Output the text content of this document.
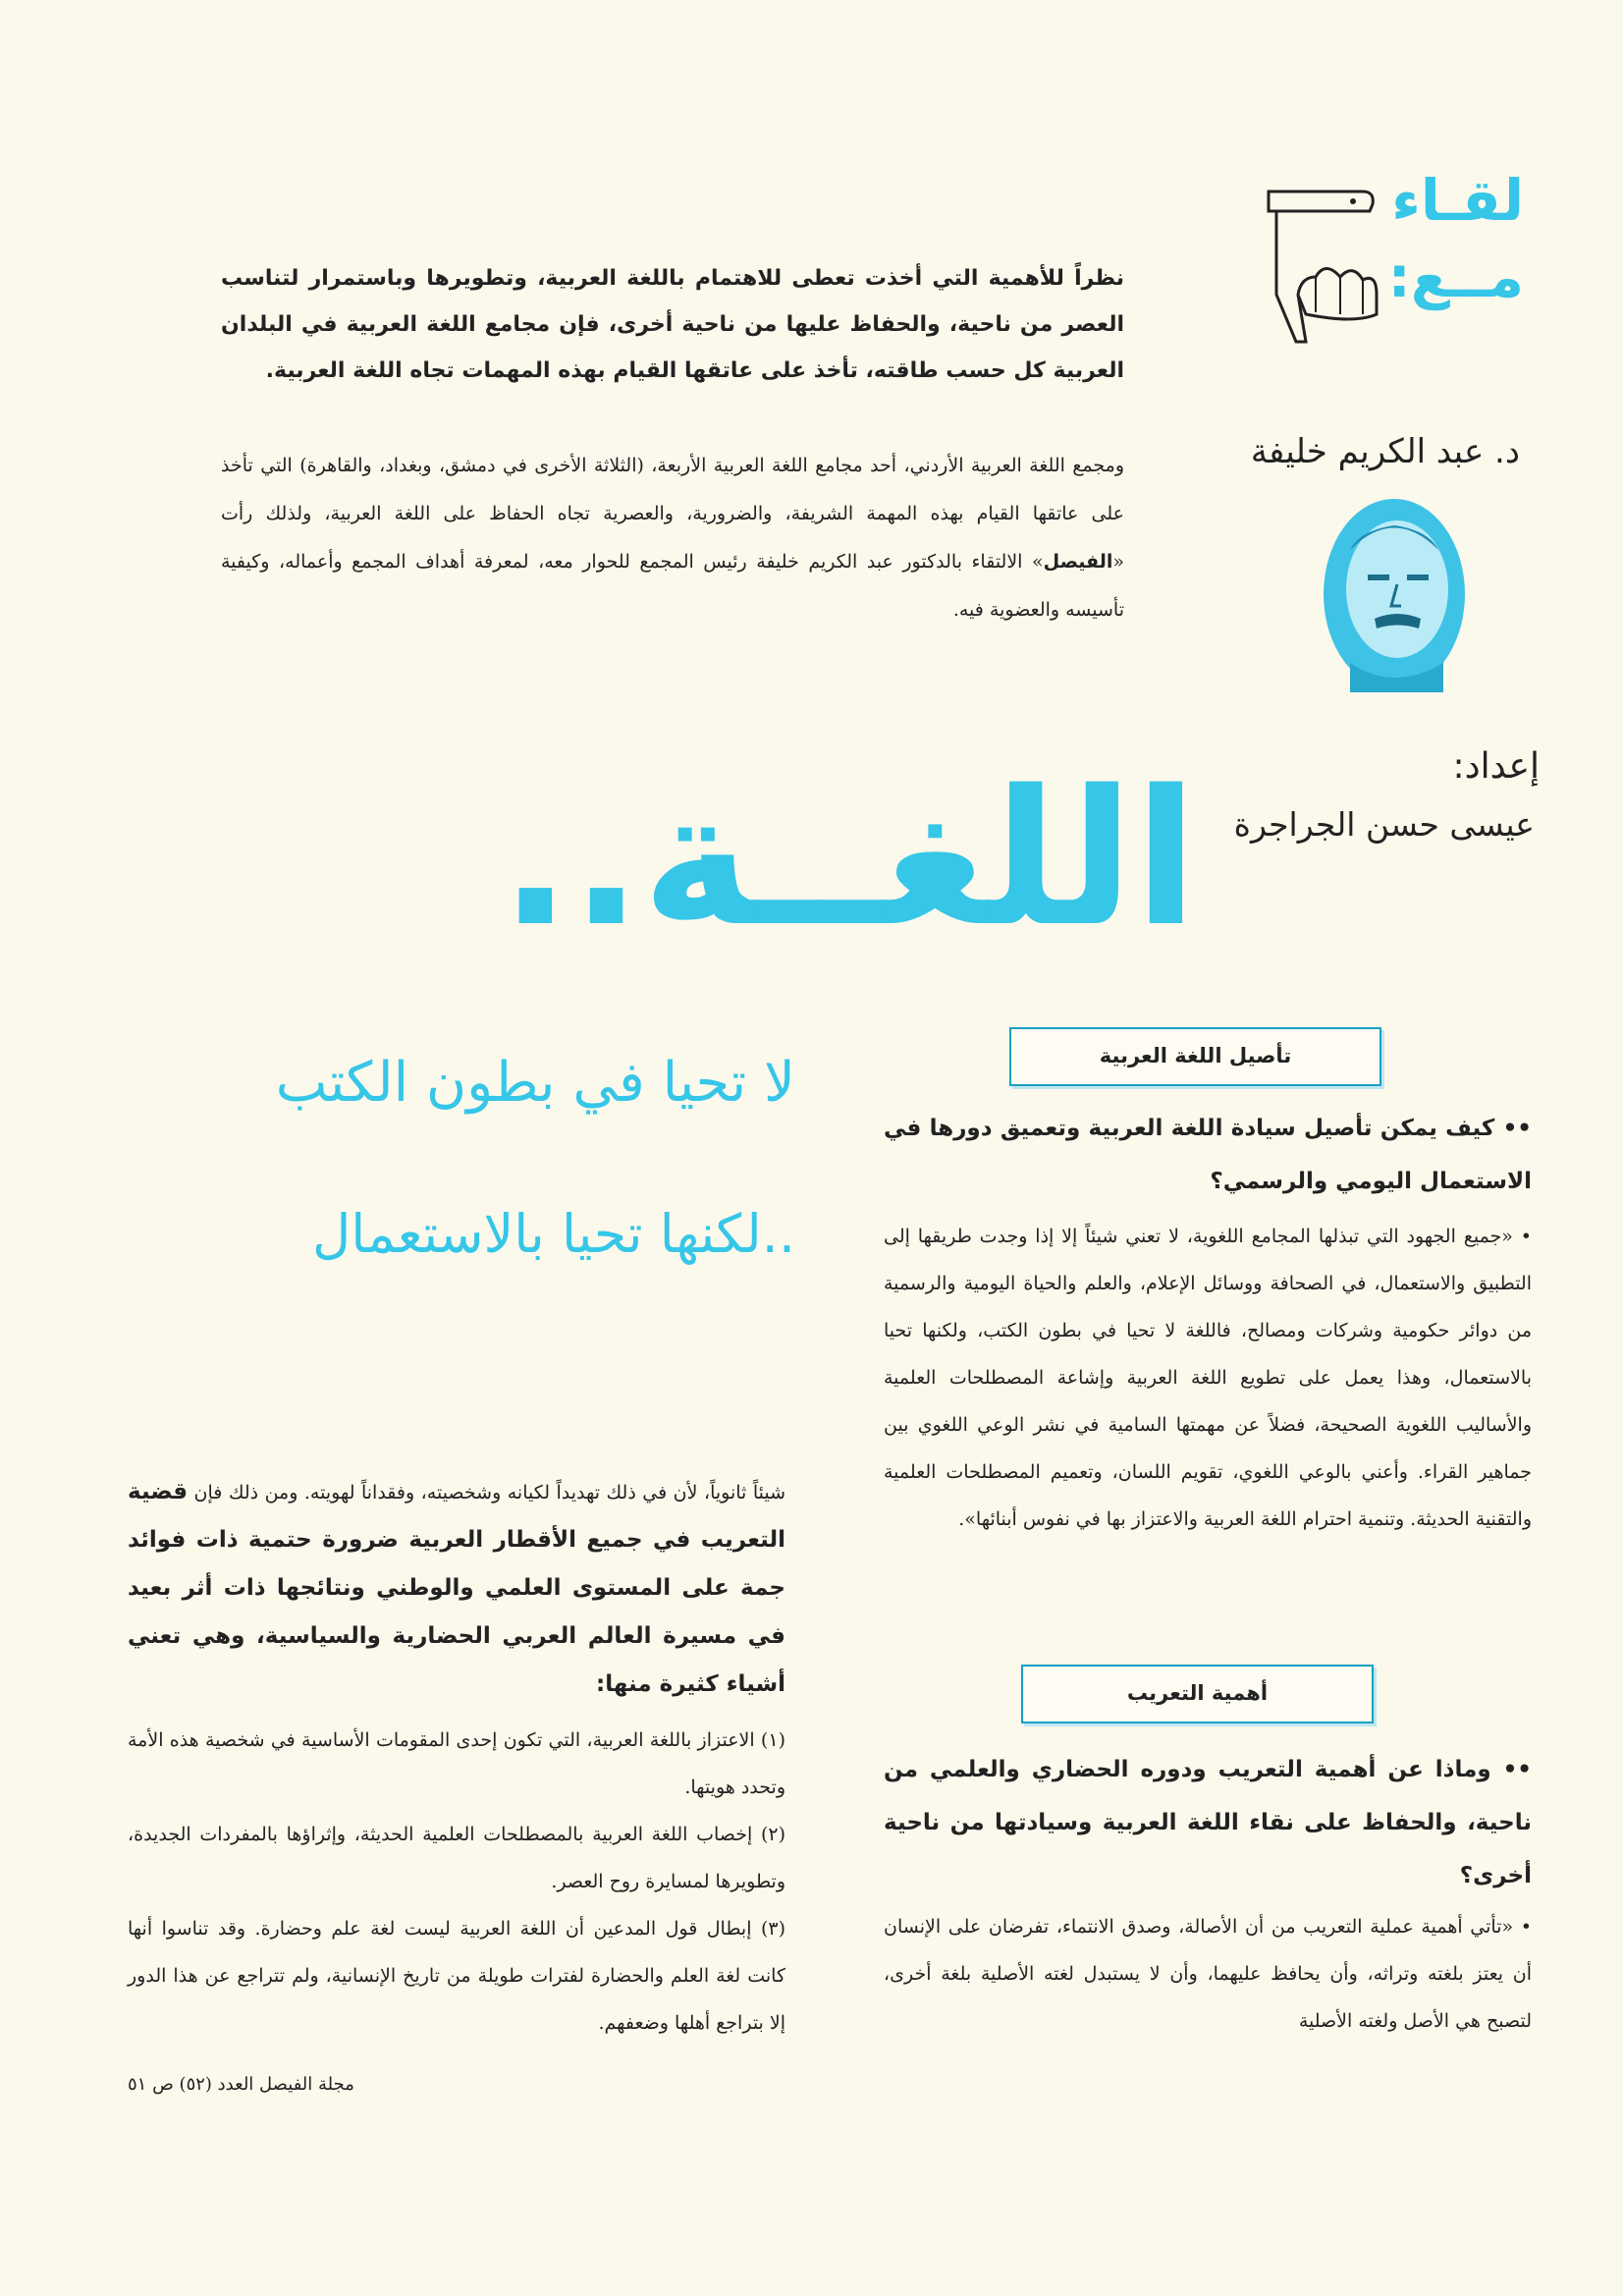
لقـاء
مــع:
د. عبد الكريم خليفة
إعداد:
عيسى حسن الجراجرة
نظراً للأهمية التي أخذت تعطى للاهتمام باللغة العربية، وتطويرها وباستمرار لتناسب العصر من ناحية، والحفاظ عليها من ناحية أخرى، فإن مجامع اللغة العربية في البلدان العربية كل حسب طاقته، تأخذ على عاتقها القيام بهذه المهمات تجاه اللغة العربية.
ومجمع اللغة العربية الأردني، أحد مجامع اللغة العربية الأربعة، (الثلاثة الأخرى في دمشق، وبغداد، والقاهرة) التي تأخذ على عاتقها القيام بهذه المهمة الشريفة، والضرورية، والعصرية تجاه الحفاظ على اللغة العربية، ولذلك رأت «الفيصل» الالتقاء بالدكتور عبد الكريم خليفة رئيس المجمع للحوار معه، لمعرفة أهداف المجمع وأعماله، وكيفية تأسيسه والعضوية فيه.
اللغــة..
لا تحيا في بطون الكتب
..لكنها تحيا بالاستعمال
تأصيل اللغة العربية
•• كيف يمكن تأصيل سيادة اللغة العربية وتعميق دورها في الاستعمال اليومي والرسمي؟
• «جميع الجهود التي تبذلها المجامع اللغوية، لا تعني شيئاً إلا إذا وجدت طريقها إلى التطبيق والاستعمال، في الصحافة ووسائل الإعلام، والعلم والحياة اليومية والرسمية من دوائر حكومية وشركات ومصالح، فاللغة لا تحيا في بطون الكتب، ولكنها تحيا بالاستعمال، وهذا يعمل على تطويع اللغة العربية وإشاعة المصطلحات العلمية والأساليب اللغوية الصحيحة، فضلاً عن مهمتها السامية في نشر الوعي اللغوي بين جماهير القراء. وأعني بالوعي اللغوي، تقويم اللسان، وتعميم المصطلحات العلمية والتقنية الحديثة. وتنمية احترام اللغة العربية والاعتزاز بها في نفوس أبنائها».
أهمية التعريب
•• وماذا عن أهمية التعريب ودوره الحضاري والعلمي من ناحية، والحفاظ على نقاء اللغة العربية وسيادتها من ناحية أخرى؟
• «تأتي أهمية عملية التعريب من أن الأصالة، وصدق الانتماء، تفرضان على الإنسان أن يعتز بلغته وتراثه، وأن يحافظ عليهما، وأن لا يستبدل لغته الأصلية بلغة أخرى، لتصبح هي الأصل ولغته الأصلية
شيئاً ثانوياً، لأن في ذلك تهديداً لكيانه وشخصيته، وفقداناً لهويته. ومن ذلك فإن قضية التعريب في جميع الأقطار العربية ضرورة حتمية ذات فوائد جمة على المستوى العلمي والوطني ونتائجها ذات أثر بعيد في مسيرة العالم العربي الحضارية والسياسية، وهي تعني أشياء كثيرة منها:
(١) الاعتزاز باللغة العربية، التي تكون إحدى المقومات الأساسية في شخصية هذه الأمة وتحدد هويتها.
(٢) إخصاب اللغة العربية بالمصطلحات العلمية الحديثة، وإثراؤها بالمفردات الجديدة، وتطويرها لمسايرة روح العصر.
(٣) إبطال قول المدعين أن اللغة العربية ليست لغة علم وحضارة. وقد تناسوا أنها كانت لغة العلم والحضارة لفترات طويلة من تاريخ الإنسانية، ولم تتراجع عن هذا الدور إلا بتراجع أهلها وضعفهم.
مجلة الفيصل العدد (٥٢) ص ٥١
